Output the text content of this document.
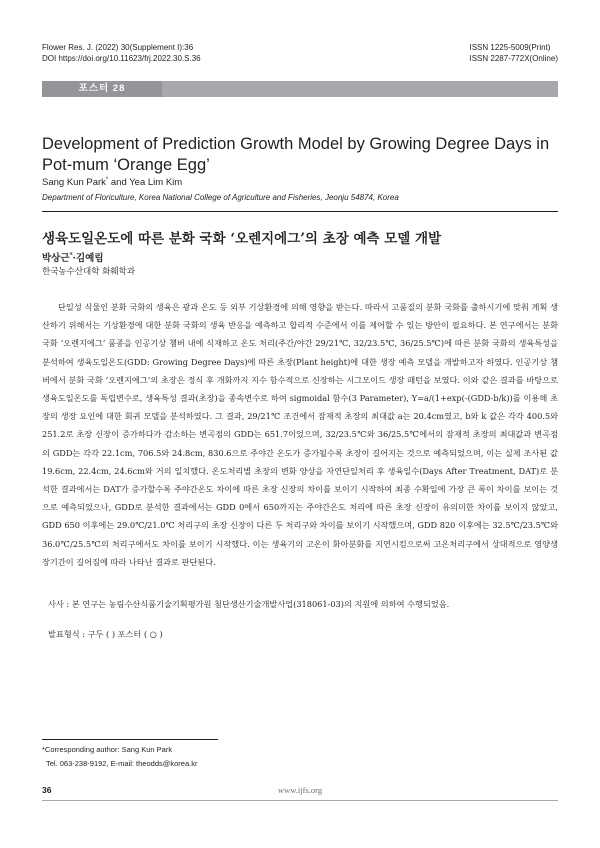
Flower Res. J. (2022) 30(Supplement I):36
DOI https://doi.org/10.11623/frj.2022.30.S.36
ISSN 1225-5009(Print)
ISSN 2287-772X(Online)
포스터 28
Development of Prediction Growth Model by Growing Degree Days in Pot-mum ‘Orange Egg’
Sang Kun Park* and Yea Lim Kim
Department of Floriculture, Korea National College of Agriculture and Fisheries, Jeonju 54874, Korea
생육도일온도에 따른 분화 국화 ‘오렌지에그’의 초장 예측 모델 개발
박상근*·김예림
한국농수산대학 화훼학과

단일성 식물인 분화 국화의 생육은 광과 온도 등 외부 기상환경에 의해 영향을 받는다. 따라서 고품질의 분화 국화를 출하시기에 맞춰 계획 생산하기 위해서는 기상환경에 대한 분화 국화의 생육 반응을 예측하고 합리적 수준에서 이를 제어할 수 있는 방안이 필요하다. 본 연구에서는 분화 국화 ‘오렌지에그’ 품종을 인공기상 챔버 내에 식재하고 온도 처리(주간/야간 29/21℃, 32/23.5℃, 36/25.5℃)에 따른 분화 국화의 생육특성을 분석하여 생육도일온도(GDD: Growing Degree Days)에 따른 초장(Plant height)에 대한 생장 예측 모델을 개발하고자 하였다. 인공기상 챔버에서 분화 국화 ‘오렌지에그’의 초장은 정식 후 개화까지 지수 함수적으로 신장하는 시그모이드 생장 패턴을 보였다. 이와 같은 결과를 바탕으로 생육도일온도를 독립변수로, 생육특성 결과(초장)을 종속변수로 하여 sigmoidal 함수(3 Parameter), Y=a/(1+exp(-(GDD-b/k))를 이용해 초장의 생장 요인에 대한 회귀 모델을 분석하였다. 그 결과, 29/21℃ 조건에서 잠재적 초장의 최대값 a는 20.4cm였고, b와 k 값은 각각 400.5와 251.2로 초장 신장이 증가하다가 감소하는 변곡점의 GDD는 651.7이었으며, 32/23.5℃와 36/25.5℃에서의 잠재적 초장의 최대값과 변곡점의 GDD는 각각 22.1cm, 706.5와 24.8cm, 830.6으로 주야간 온도가 증가될수록 초장이 길어지는 것으로 예측되었으며, 이는 실제 조사된 값 19.6cm, 22.4cm, 24.6cm와 거의 일치했다. 온도처리별 초장의 변화 양상을 자연단일처리 후 생육일수(Days After Treatment, DAT)로 분석한 결과에서는 DAT가 증가할수록 주야간온도 차이에 따른 초장 신장의 차이를 보이기 시작하여 최종 수확일에 가장 큰 폭이 차이를 보이는 것으로 예측되었으나, GDD로 분석한 결과에서는 GDD 0에서 650까지는 주야간온도 처리에 따른 초장 신장이 유의미한 차이를 보이지 않았고, GDD 650 이후에는 29.0℃/21.0℃ 처리구의 초장 신장이 다른 두 처리구와 차이를 보이기 시작했으며, GDD 820 이후에는 32.5℃/23.5℃와 36.0℃/25.5℃의 처리구에서도 차이를 보이기 시작했다. 이는 생육기의 고온이 화아분화를 지연시킴으로써 고온처리구에서 상대적으로 영양생장기간이 길어짐에 따라 나타난 결과로 판단된다.

사사 : 본 연구는 농림수산식품기술기획평가원 첨단생산기술개발사업(318061-03)의 지원에 의하여 수행되었음.
발표형식 : 구두 ( ) 포스터 ( ○ )
*Corresponding author: Sang Kun Park
Tel. 063-238-9192, E-mail: theodds@korea.kr
36	www.ijfs.org
